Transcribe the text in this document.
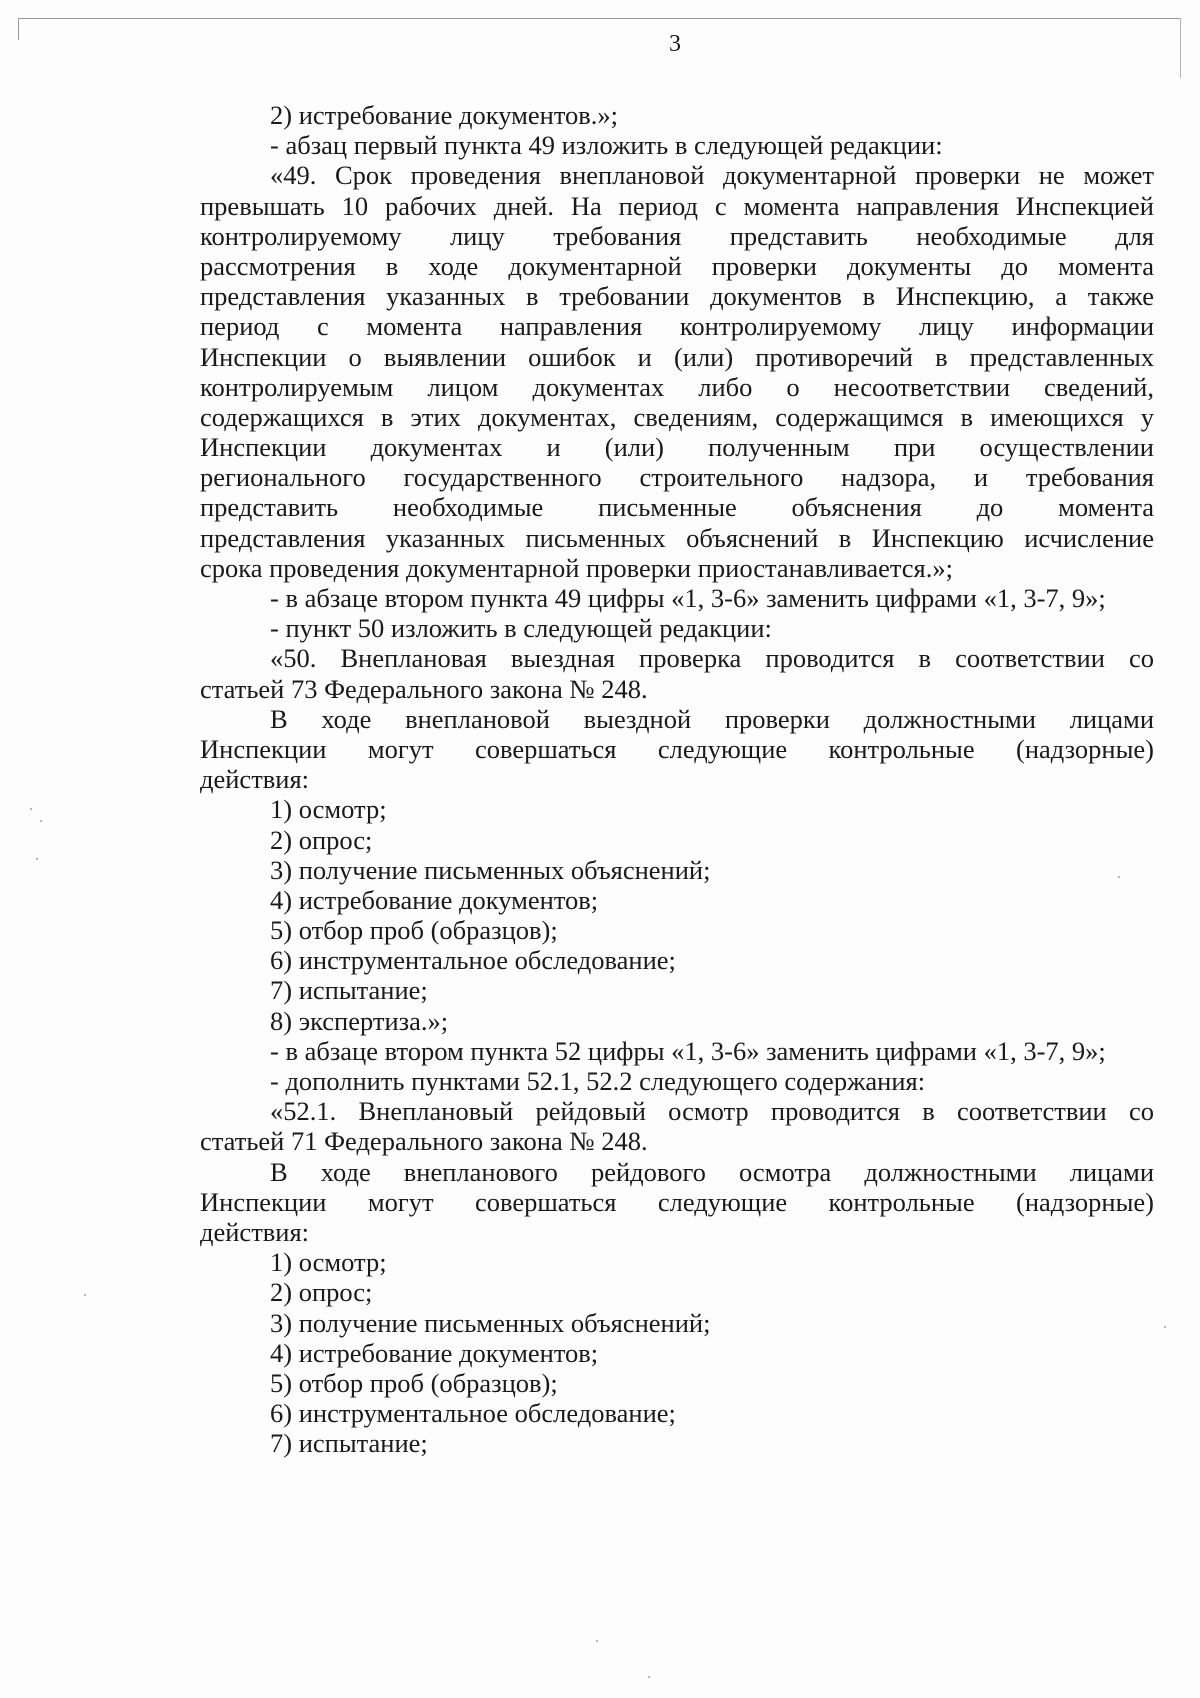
3
2) истребование документов.»;
- абзац первый пункта 49 изложить в следующей редакции:
«49. Срок проведения внеплановой документарной проверки не может
превышать 10 рабочих дней. На период с момента направления Инспекцией
контролируемому лицу требования представить необходимые для
рассмотрения в ходе документарной проверки документы до момента
представления указанных в требовании документов в Инспекцию, а также
период с момента направления контролируемому лицу информации
Инспекции о выявлении ошибок и (или) противоречий в представленных
контролируемым лицом документах либо о несоответствии сведений,
содержащихся в этих документах, сведениям, содержащимся в имеющихся у
Инспекции документах и (или) полученным при осуществлении
регионального государственного строительного надзора, и требования
представить необходимые письменные объяснения до момента
представления указанных письменных объяснений в Инспекцию исчисление
срока проведения документарной проверки приостанавливается.»;
- в абзаце втором пункта 49 цифры «1, 3-6» заменить цифрами «1, 3-7, 9»;
- пункт 50 изложить в следующей редакции:
«50. Внеплановая выездная проверка проводится в соответствии со
статьей 73 Федерального закона № 248.
В ходе внеплановой выездной проверки должностными лицами
Инспекции могут совершаться следующие контрольные (надзорные)
действия:
1) осмотр;
2) опрос;
3) получение письменных объяснений;
4) истребование документов;
5) отбор проб (образцов);
6) инструментальное обследование;
7) испытание;
8) экспертиза.»;
- в абзаце втором пункта 52 цифры «1, 3-6» заменить цифрами «1, 3-7, 9»;
- дополнить пунктами 52.1, 52.2 следующего содержания:
«52.1. Внеплановый рейдовый осмотр проводится в соответствии со
статьей 71 Федерального закона № 248.
В ходе внепланового рейдового осмотра должностными лицами
Инспекции могут совершаться следующие контрольные (надзорные)
действия:
1) осмотр;
2) опрос;
3) получение письменных объяснений;
4) истребование документов;
5) отбор проб (образцов);
6) инструментальное обследование;
7) испытание;
